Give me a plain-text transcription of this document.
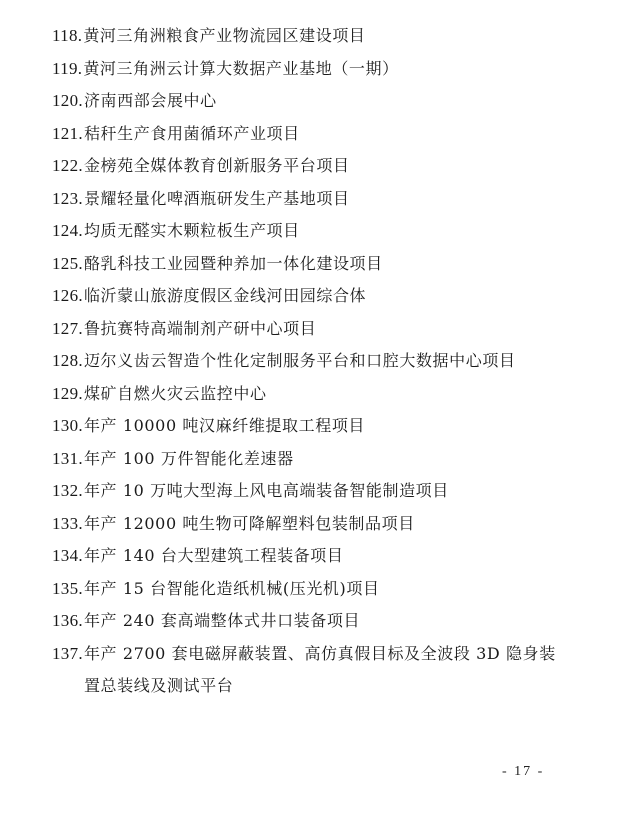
118. 黄河三角洲粮食产业物流园区建设项目
119. 黄河三角洲云计算大数据产业基地（一期）
120. 济南西部会展中心
121. 秸秆生产食用菌循环产业项目
122. 金榜苑全媒体教育创新服务平台项目
123. 景耀轻量化啤酒瓶研发生产基地项目
124. 均质无醛实木颗粒板生产项目
125. 酪乳科技工业园暨种养加一体化建设项目
126. 临沂蒙山旅游度假区金线河田园综合体
127. 鲁抗赛特高端制剂产研中心项目
128. 迈尔义齿云智造个性化定制服务平台和口腔大数据中心项目
129. 煤矿自燃火灾云监控中心
130. 年产 10000 吨汉麻纤维提取工程项目
131. 年产 100 万件智能化差速器
132. 年产 10 万吨大型海上风电高端装备智能制造项目
133. 年产 12000 吨生物可降解塑料包装制品项目
134. 年产 140 台大型建筑工程装备项目
135. 年产 15 台智能化造纸机械(压光机)项目
136. 年产 240 套高端整体式井口装备项目
137. 年产 2700 套电磁屏蔽装置、高仿真假目标及全波段 3D 隐身装置总装线及测试平台
- 17 -
